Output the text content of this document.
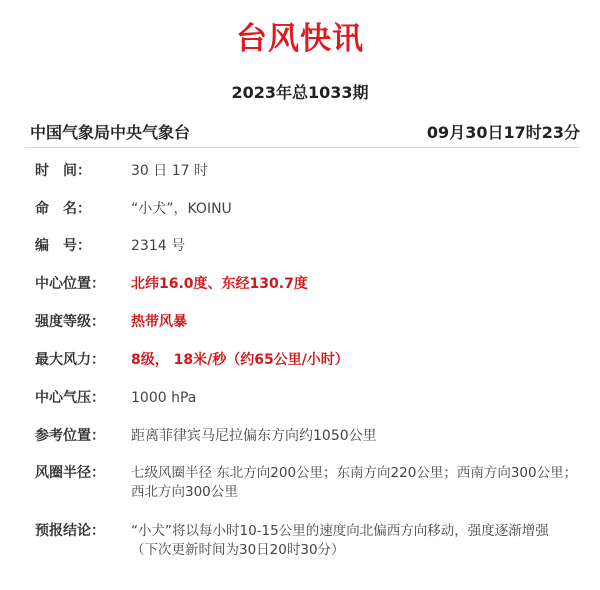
台风快讯
2023年总1033期
中国气象局中央气象台	09月30日17时23分
时　间：	30 日 17 时
命　名：	“小犬”，KOINU
编　号：	2314 号
中心位置：	北纬16.0度、东经130.7度
强度等级：	热带风暴
最大风力：	8级， 18米/秒（约65公里/小时）
中心气压：	1000 hPa
参考位置：	距离菲律宾马尼拉偏东方向约1050公里
风圈半径：	七级风圈半径 东北方向200公里；东南方向220公里；西南方向300公里；西北方向300公里
预报结论：	“小犬”将以每小时10-15公里的速度向北偏西方向移动，强度逐渐增强
（下次更新时间为30日20时30分）
